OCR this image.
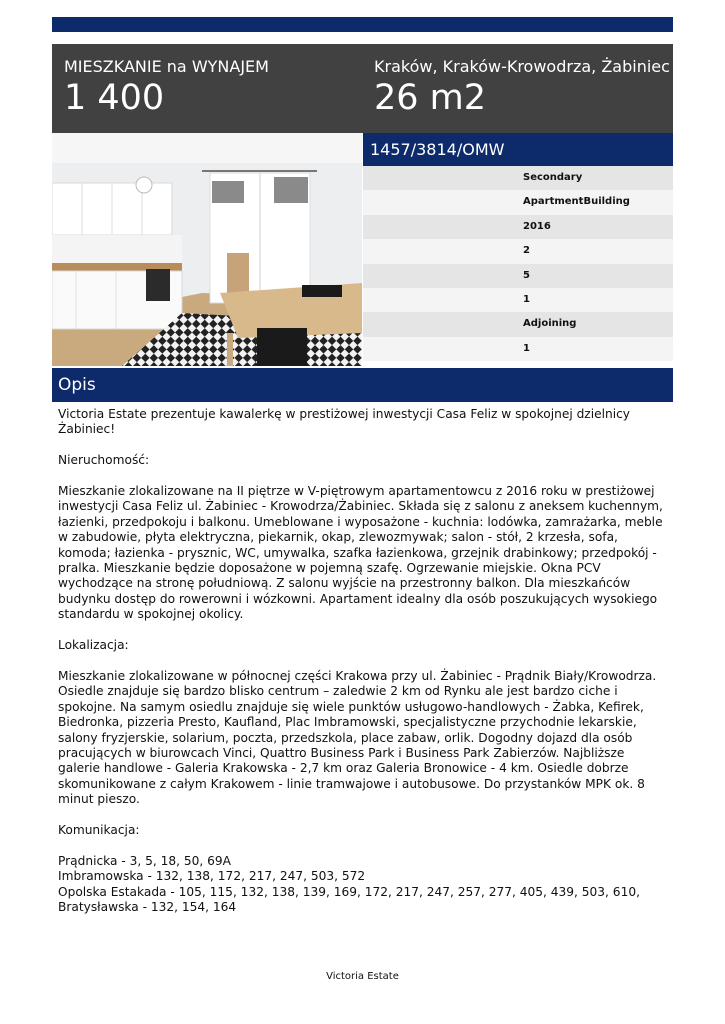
MIESZKANIE na WYNAJEM
1 400
Kraków, Kraków-Krowodrza, Żabiniec
26 m2
1457/3814/OMW
Secondary
ApartmentBuilding
2016
2
5
1
Adjoining
1
Opis

Victoria Estate prezentuje kawalerkę w prestiżowej inwestycji Casa Feliz w spokojnej dzielnicy Żabiniec!

Nieruchomość:

Mieszkanie zlokalizowane na II piętrze w V-piętrowym apartamentowcu z 2016 roku w prestiżowej inwestycji Casa Feliz ul. Żabiniec - Krowodrza/Żabiniec. Składa się z salonu z aneksem kuchennym, łazienki, przedpokoju i balkonu. Umeblowane i wyposażone - kuchnia: lodówka, zamrażarka, meble w zabudowie, płyta elektryczna, piekarnik, okap, zlewozmywak; salon - stół, 2 krzesła, sofa, komoda; łazienka - prysznic, WC, umywalka, szafka łazienkowa, grzejnik drabinkowy; przedpokój - pralka. Mieszkanie będzie doposażone w pojemną szafę. Ogrzewanie miejskie. Okna PCV wychodzące na stronę południową. Z salonu wyjście na przestronny balkon. Dla mieszkańców budynku dostęp do rowerowni i wózkowni. Apartament idealny dla osób poszukujących wysokiego standardu w spokojnej okolicy.

Lokalizacja:

Mieszkanie zlokalizowane w północnej części Krakowa przy ul. Żabiniec - Prądnik Biały/Krowodrza. Osiedle znajduje się bardzo blisko centrum – zaledwie 2 km od Rynku ale jest bardzo ciche i spokojne. Na samym osiedlu znajduje się wiele punktów usługowo-handlowych - Żabka, Kefirek, Biedronka, pizzeria Presto, Kaufland, Plac Imbramowski, specjalistyczne przychodnie lekarskie, salony fryzjerskie, solarium, poczta, przedszkola, place zabaw, orlik. Dogodny dojazd dla osób pracujących w biurowcach Vinci, Quattro Business Park i Business Park Zabierzów. Najbliższe galerie handlowe - Galeria Krakowska - 2,7 km oraz Galeria Bronowice - 4 km. Osiedle dobrze skomunikowane z całym Krakowem - linie tramwajowe i autobusowe. Do przystanków MPK ok. 8 minut pieszo.

Komunikacja:

Prądnicka - 3, 5, 18, 50, 69A
Imbramowska - 132, 138, 172, 217, 247, 503, 572
Opolska Estakada - 105, 115, 132, 138, 139, 169, 172, 217, 247, 257, 277, 405, 439, 503, 610,
Bratysławska - 132, 154, 164

Victoria Estate
